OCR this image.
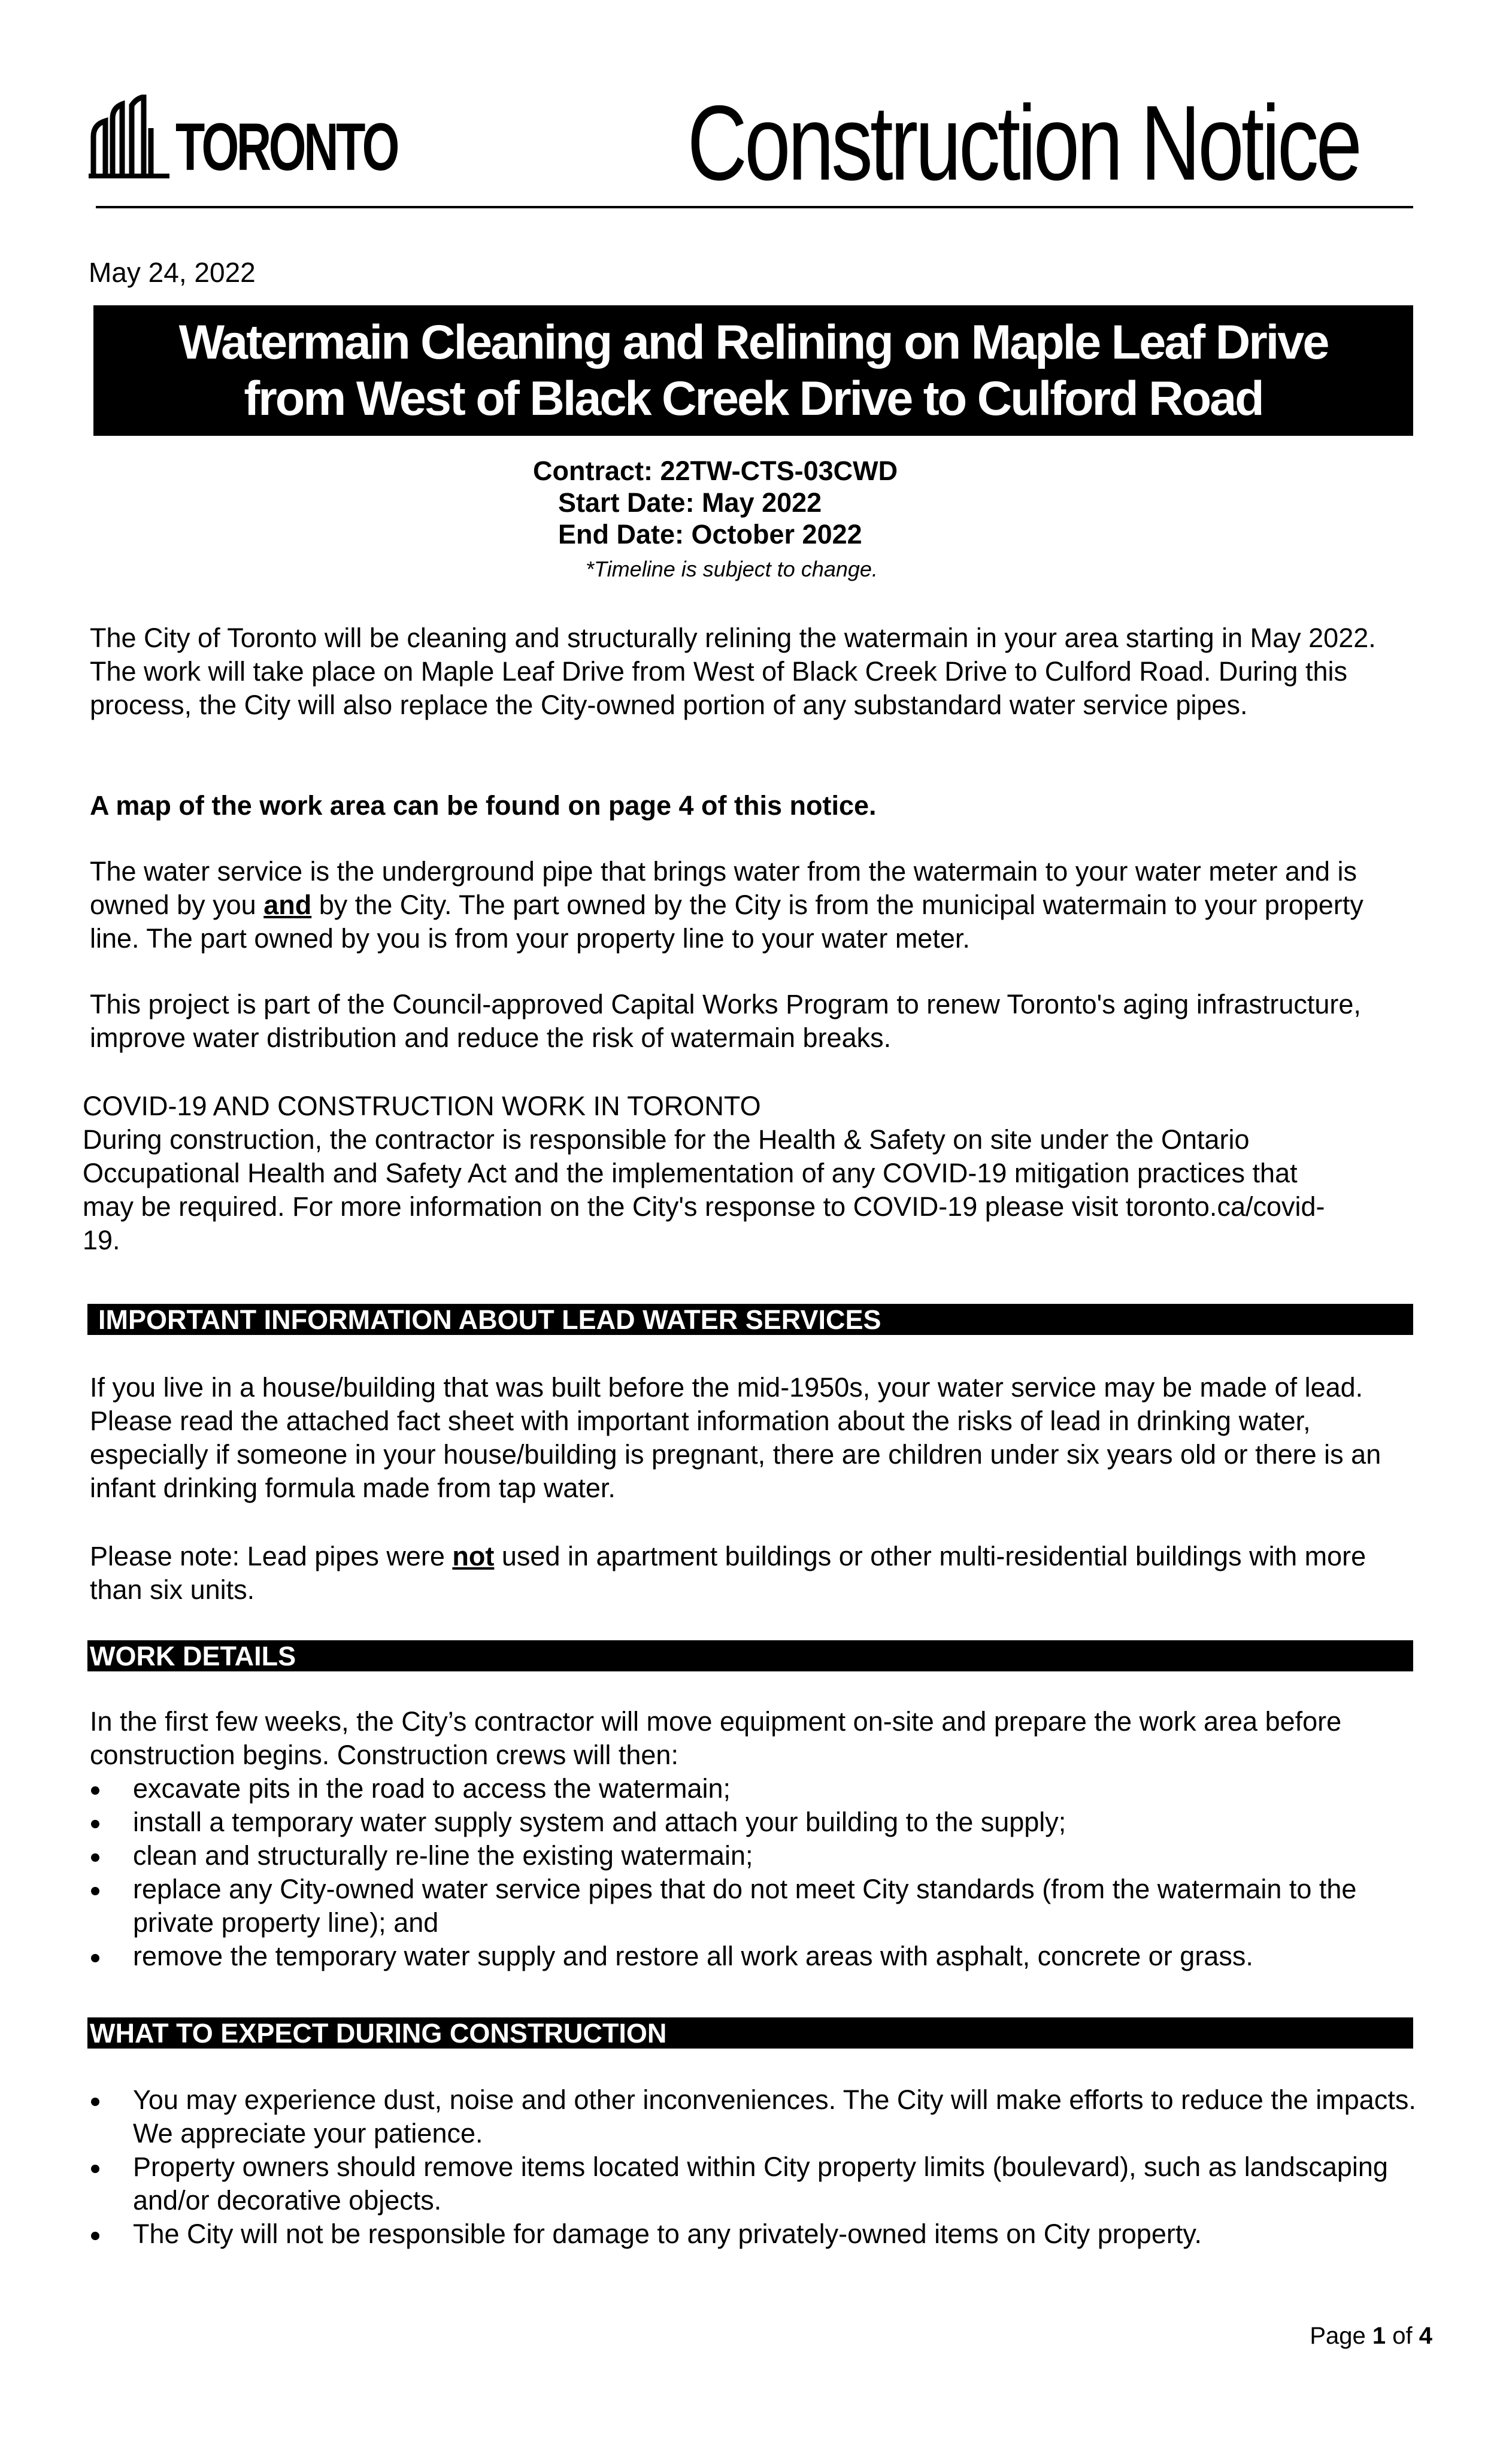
TORONTO	Construction Notice
May 24, 2022
Watermain Cleaning and Relining on Maple Leaf Drive
from West of Black Creek Drive to Culford Road
Contract: 22TW-CTS-03CWD
Start Date: May 2022
End Date: October 2022
*Timeline is subject to change.
The City of Toronto will be cleaning and structurally relining the watermain in your area starting in May 2022. The work will take place on Maple Leaf Drive from West of Black Creek Drive to Culford Road. During this process, the City will also replace the City-owned portion of any substandard water service pipes.
A map of the work area can be found on page 4 of this notice.
The water service is the underground pipe that brings water from the watermain to your water meter and is owned by you and by the City. The part owned by the City is from the municipal watermain to your property line. The part owned by you is from your property line to your water meter.
This project is part of the Council-approved Capital Works Program to renew Toronto's aging infrastructure, improve water distribution and reduce the risk of watermain breaks.
COVID-19 AND CONSTRUCTION WORK IN TORONTO
During construction, the contractor is responsible for the Health & Safety on site under the Ontario Occupational Health and Safety Act and the implementation of any COVID-19 mitigation practices that may be required. For more information on the City's response to COVID-19 please visit toronto.ca/covid-19.
IMPORTANT INFORMATION ABOUT LEAD WATER SERVICES
If you live in a house/building that was built before the mid-1950s, your water service may be made of lead. Please read the attached fact sheet with important information about the risks of lead in drinking water, especially if someone in your house/building is pregnant, there are children under six years old or there is an infant drinking formula made from tap water.
Please note: Lead pipes were not used in apartment buildings or other multi-residential buildings with more than six units.
WORK DETAILS
In the first few weeks, the City’s contractor will move equipment on-site and prepare the work area before construction begins. Construction crews will then:
excavate pits in the road to access the watermain;
install a temporary water supply system and attach your building to the supply;
clean and structurally re-line the existing watermain;
replace any City-owned water service pipes that do not meet City standards (from the watermain to the private property line); and
remove the temporary water supply and restore all work areas with asphalt, concrete or grass.
WHAT TO EXPECT DURING CONSTRUCTION
You may experience dust, noise and other inconveniences. The City will make efforts to reduce the impacts. We appreciate your patience.
Property owners should remove items located within City property limits (boulevard), such as landscaping and/or decorative objects.
The City will not be responsible for damage to any privately-owned items on City property.
Page 1 of 4
